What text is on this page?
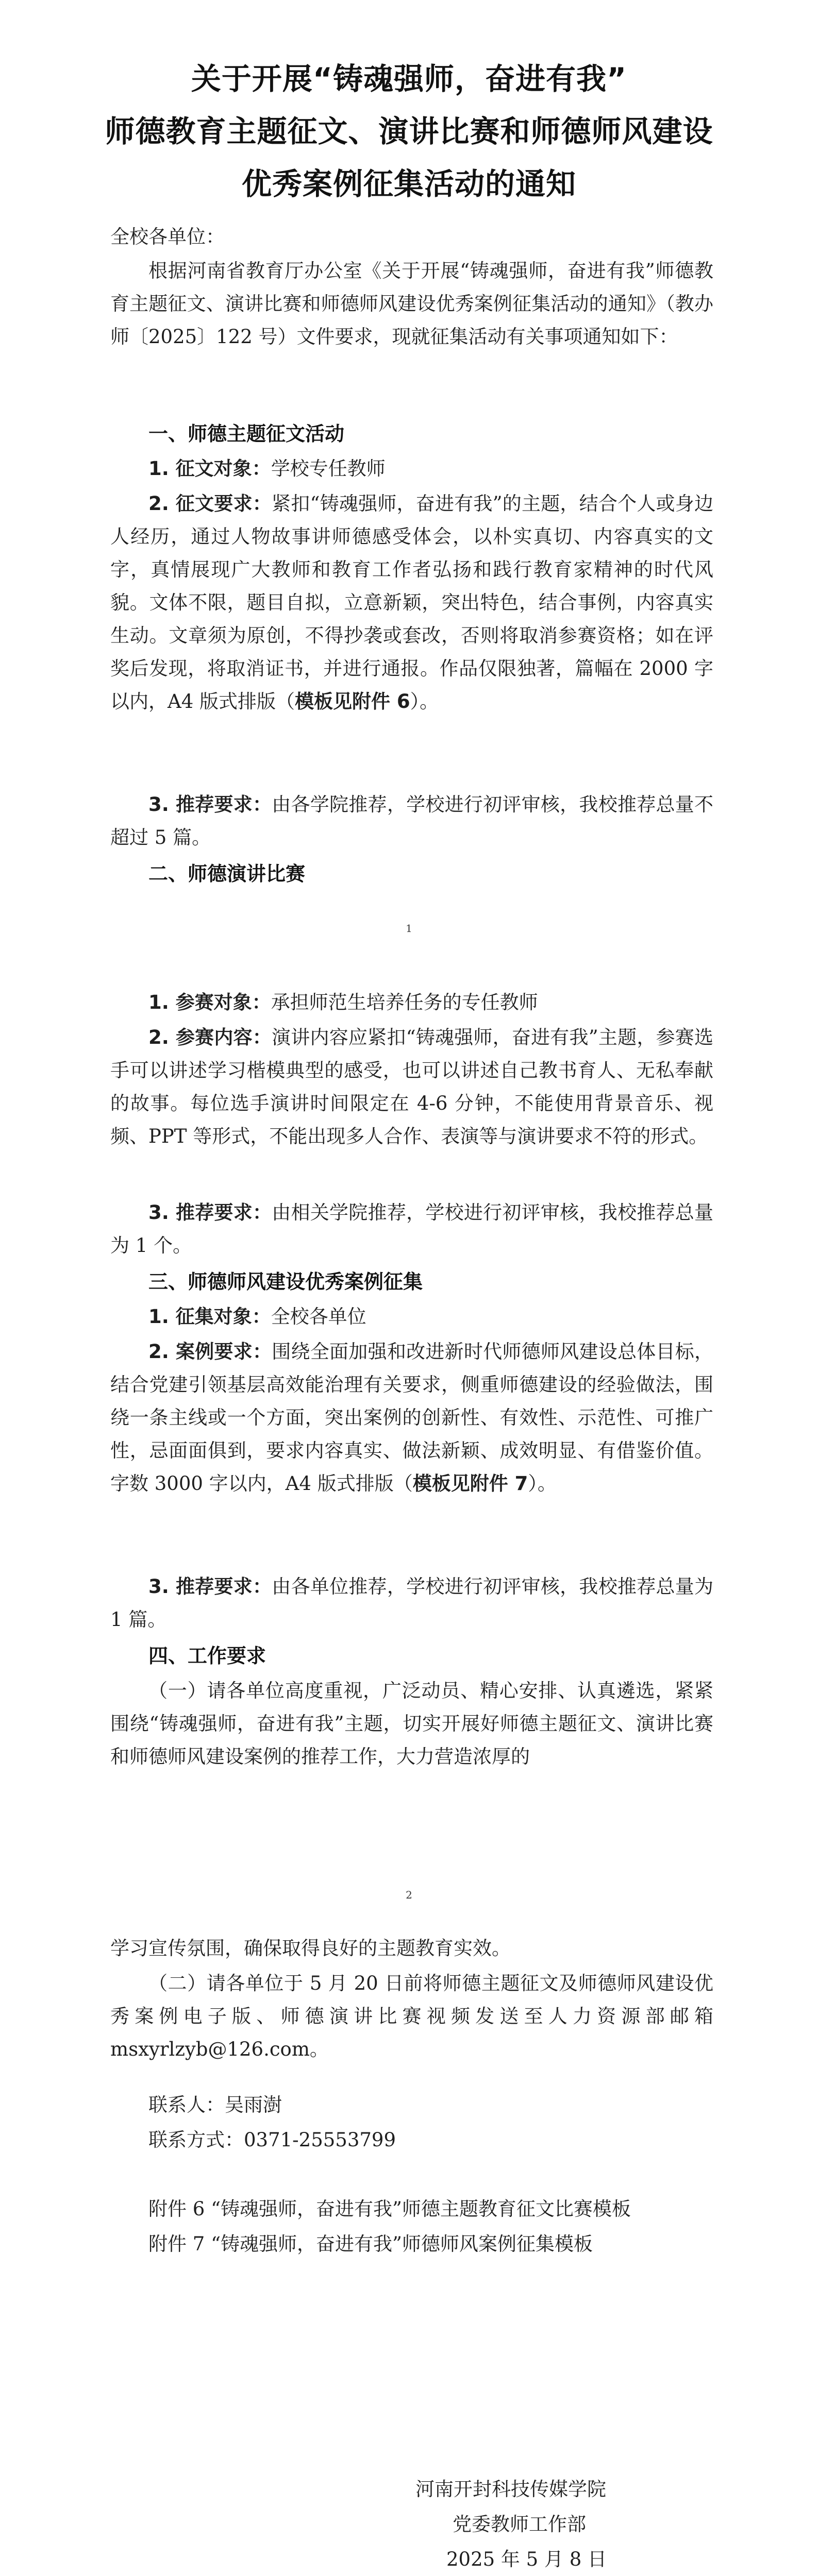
关于开展“铸魂强师，奋进有我”
师德教育主题征文、演讲比赛和师德师风建设
优秀案例征集活动的通知
全校各单位：

根据河南省教育厅办公室《关于开展“铸魂强师，奋进有我”师德教育主题征文、演讲比赛和师德师风建设优秀案例征集活动的通知》（教办师〔2025〕122 号）文件要求，现就征集活动有关事项通知如下：

一、师德主题征文活动

1. 征文对象：学校专任教师

2. 征文要求：紧扣“铸魂强师，奋进有我”的主题，结合个人或身边人经历，通过人物故事讲师德感受体会，以朴实真切、内容真实的文字，真情展现广大教师和教育工作者弘扬和践行教育家精神的时代风貌。文体不限，题目自拟，立意新颖，突出特色，结合事例，内容真实生动。文章须为原创，不得抄袭或套改，否则将取消参赛资格；如在评奖后发现，将取消证书，并进行通报。作品仅限独著，篇幅在 2000 字以内，A4 版式排版（模板见附件 6）。

3. 推荐要求：由各学院推荐，学校进行初评审核，我校推荐总量不超过 5 篇。

二、师德演讲比赛
1

1. 参赛对象：承担师范生培养任务的专任教师

2. 参赛内容：演讲内容应紧扣“铸魂强师，奋进有我”主题，参赛选手可以讲述学习楷模典型的感受，也可以讲述自己教书育人、无私奉献的故事。每位选手演讲时间限定在 4-6 分钟，不能使用背景音乐、视频、PPT 等形式，不能出现多人合作、表演等与演讲要求不符的形式。

3. 推荐要求：由相关学院推荐，学校进行初评审核，我校推荐总量为 1 个。

三、师德师风建设优秀案例征集

1. 征集对象：全校各单位

2. 案例要求：围绕全面加强和改进新时代师德师风建设总体目标，结合党建引领基层高效能治理有关要求，侧重师德建设的经验做法，围绕一条主线或一个方面，突出案例的创新性、有效性、示范性、可推广性，忌面面俱到，要求内容真实、做法新颖、成效明显、有借鉴价值。字数 3000 字以内，A4 版式排版（模板见附件 7）。

3. 推荐要求：由各单位推荐，学校进行初评审核，我校推荐总量为 1 篇。

四、工作要求

（一）请各单位高度重视，广泛动员、精心安排、认真遴选，紧紧围绕“铸魂强师，奋进有我”主题，切实开展好师德主题征文、演讲比赛和师德师风建设案例的推荐工作，大力营造浓厚的

2

学习宣传氛围，确保取得良好的主题教育实效。

（二）请各单位于 5 月 20 日前将师德主题征文及师德师风建设优秀案例电子版、师德演讲比赛视频发送至人力资源部邮箱 msxyrlzyb@126.com。

联系人：吴雨澍
联系方式：0371-25553799
附件 6 “铸魂强师，奋进有我”师德主题教育征文比赛模板
附件 7 “铸魂强师，奋进有我”师德师风案例征集模板
河南开封科技传媒学院
党委教师工作部
2025 年 5 月 8 日
